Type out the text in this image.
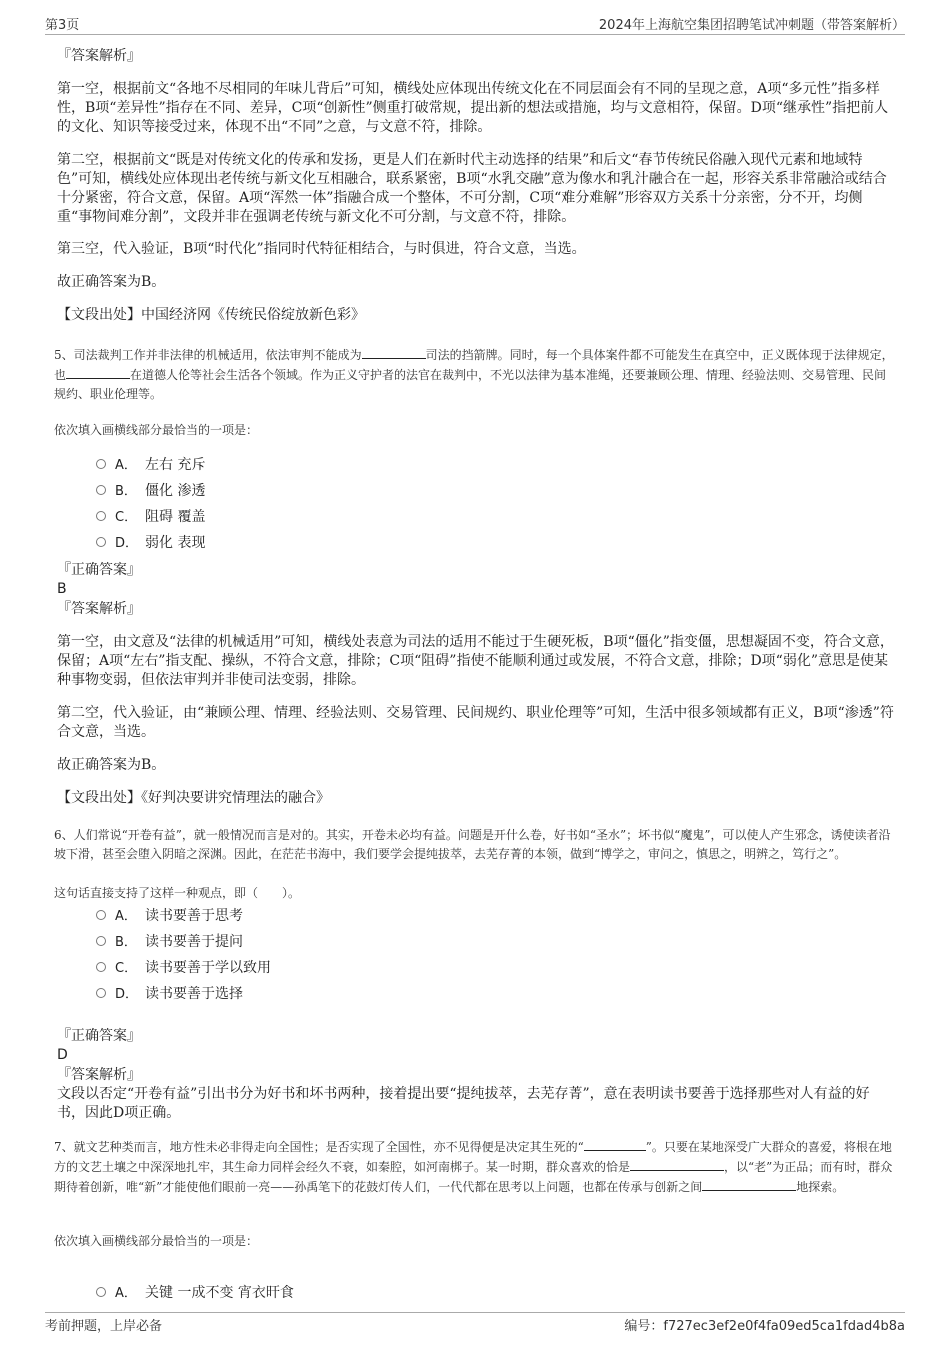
第3页	2024年上海航空集团招聘笔试冲刺题（带答案解析）
『答案解析』
第一空，根据前文“各地不尽相同的年味儿背后”可知，横线处应体现出传统文化在不同层面会有不同的呈现之意，A项“多元性”指多样性，B项“差异性”指存在不同、差异，C项“创新性”侧重打破常规，提出新的想法或措施，均与文意相符，保留。D项“继承性”指把前人的文化、知识等接受过来，体现不出“不同”之意，与文意不符，排除。
第二空，根据前文“既是对传统文化的传承和发扬，更是人们在新时代主动选择的结果”和后文“春节传统民俗融入现代元素和地域特色”可知，横线处应体现出老传统与新文化互相融合，联系紧密，B项“水乳交融”意为像水和乳汁融合在一起，形容关系非常融洽或结合十分紧密，符合文意，保留。A项“浑然一体”指融合成一个整体，不可分割，C项“难分难解”形容双方关系十分亲密，分不开，均侧重“事物间难分割”，文段并非在强调老传统与新文化不可分割，与文意不符，排除。
第三空，代入验证，B项“时代化”指同时代特征相结合，与时俱进，符合文意，当选。
故正确答案为B。
【文段出处】中国经济网《传统民俗绽放新色彩》
5、司法裁判工作并非法律的机械适用，依法审判不能成为	司法的挡箭牌。同时，每一个具体案件都不可能发生在真空中，正义既体现于法律规定，也	在道德人伦等社会生活各个领域。作为正义守护者的法官在裁判中，不光以法律为基本准绳，还要兼顾公理、情理、经验法则、交易管理、民间规约、职业伦理等。
依次填入画横线部分最恰当的一项是：
A． 左右 充斥
B． 僵化 渗透
C． 阻碍 覆盖
D． 弱化 表现
『正确答案』
B
『答案解析』
第一空，由文意及“法律的机械适用”可知，横线处表意为司法的适用不能过于生硬死板，B项“僵化”指变僵，思想凝固不变，符合文意，保留；A项“左右”指支配、操纵，不符合文意，排除；C项“阻碍”指使不能顺利通过或发展，不符合文意，排除；D项“弱化”意思是使某种事物变弱，但依法审判并非使司法变弱，排除。
第二空，代入验证，由“兼顾公理、情理、经验法则、交易管理、民间规约、职业伦理等”可知，生活中很多领域都有正义，B项“渗透”符合文意，当选。
故正确答案为B。
【文段出处】《好判决要讲究情理法的融合》
6、人们常说“开卷有益”，就一般情况而言是对的。其实，开卷未必均有益。问题是开什么卷，好书如“圣水”；坏书似“魔鬼”，可以使人产生邪念，诱使读者沿坡下滑，甚至会堕入阴暗之深渊。因此，在茫茫书海中，我们要学会提纯拔萃，去芜存菁的本领，做到“博学之，审问之，慎思之，明辨之，笃行之”。
这句话直接支持了这样一种观点，即（　　）。
A． 读书要善于思考
B． 读书要善于提问
C． 读书要善于学以致用
D． 读书要善于选择
『正确答案』
D
『答案解析』
文段以否定“开卷有益”引出书分为好书和坏书两种，接着提出要“提纯拔萃，去芜存菁”，意在表明读书要善于选择那些对人有益的好书，因此D项正确。
7、就文艺种类而言，地方性未必非得走向全国性；是否实现了全国性，亦不见得便是决定其生死的“	”。只要在某地深受广大群众的喜爱，将根在地方的文艺土壤之中深深地扎牢，其生命力同样会经久不衰，如秦腔，如河南梆子。某一时期，群众喜欢的恰是	，以“老”为正品；而有时，群众期待着创新，唯“新”才能使他们眼前一亮——孙禹笔下的花鼓灯传人们，一代代都在思考以上问题，也都在传承与创新之间	地探索。
依次填入画横线部分最恰当的一项是：
A． 关键 一成不变 宵衣旰食
考前押题，上岸必备	编号：f727ec3ef2e0f4fa09ed5ca1fdad4b8a
